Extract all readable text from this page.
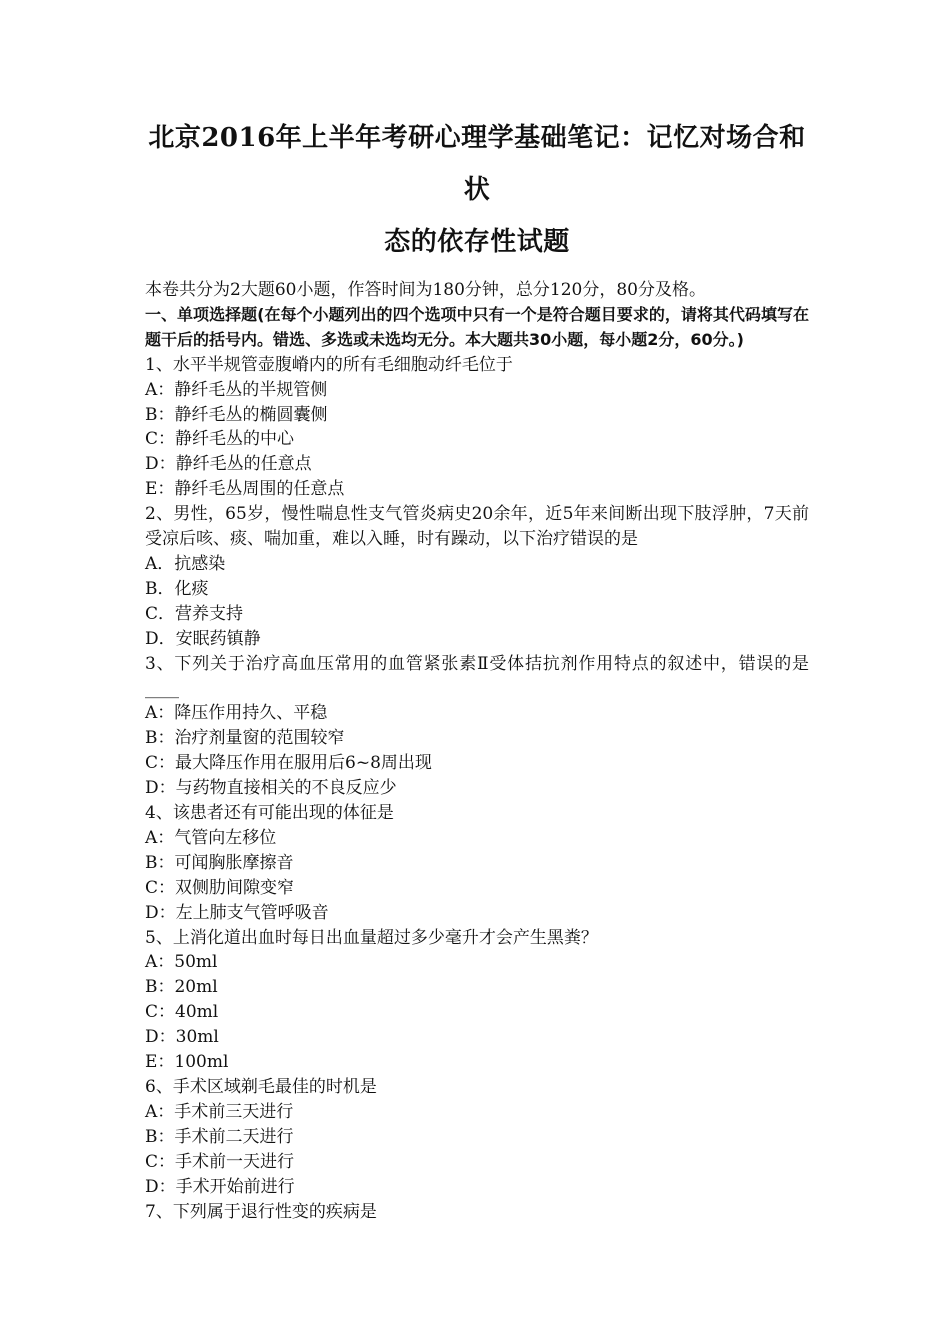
北京2016年上半年考研心理学基础笔记：记忆对场合和状
态的依存性试题

本卷共分为2大题60小题，作答时间为180分钟，总分120分，80分及格。

一、单项选择题(在每个小题列出的四个选项中只有一个是符合题目要求的，请将其代码填写在题干后的括号内。错选、多选或未选均无分。本大题共30小题，每小题2分，60分。)

1、水平半规管壶腹嵴内的所有毛细胞动纤毛位于

A：静纤毛丛的半规管侧

B：静纤毛丛的椭圆囊侧

C：静纤毛丛的中心

D：静纤毛丛的任意点

E：静纤毛丛周围的任意点

2、男性，65岁，慢性喘息性支气管炎病史20余年，近5年来间断出现下肢浮肿，7天前受凉后咳、痰、喘加重，难以入睡，时有躁动，以下治疗错误的是

A．抗感染

B．化痰

C．营养支持

D．安眠药镇静

3、下列关于治疗高血压常用的血管紧张素Ⅱ受体拮抗剂作用特点的叙述中，错误的是____

A：降压作用持久、平稳

B：治疗剂量窗的范围较窄

C：最大降压作用在服用后6~8周出现

D：与药物直接相关的不良反应少

4、该患者还有可能出现的体征是

A：气管向左移位

B：可闻胸胀摩擦音

C：双侧肋间隙变窄

D：左上肺支气管呼吸音

5、上消化道出血时每日出血量超过多少毫升才会产生黑粪？

A：50ml

B：20ml

C：40ml

D：30ml

E：100ml

6、手术区域剃毛最佳的时机是

A：手术前三天进行

B：手术前二天进行

C：手术前一天进行

D：手术开始前进行

7、下列属于退行性变的疾病是
